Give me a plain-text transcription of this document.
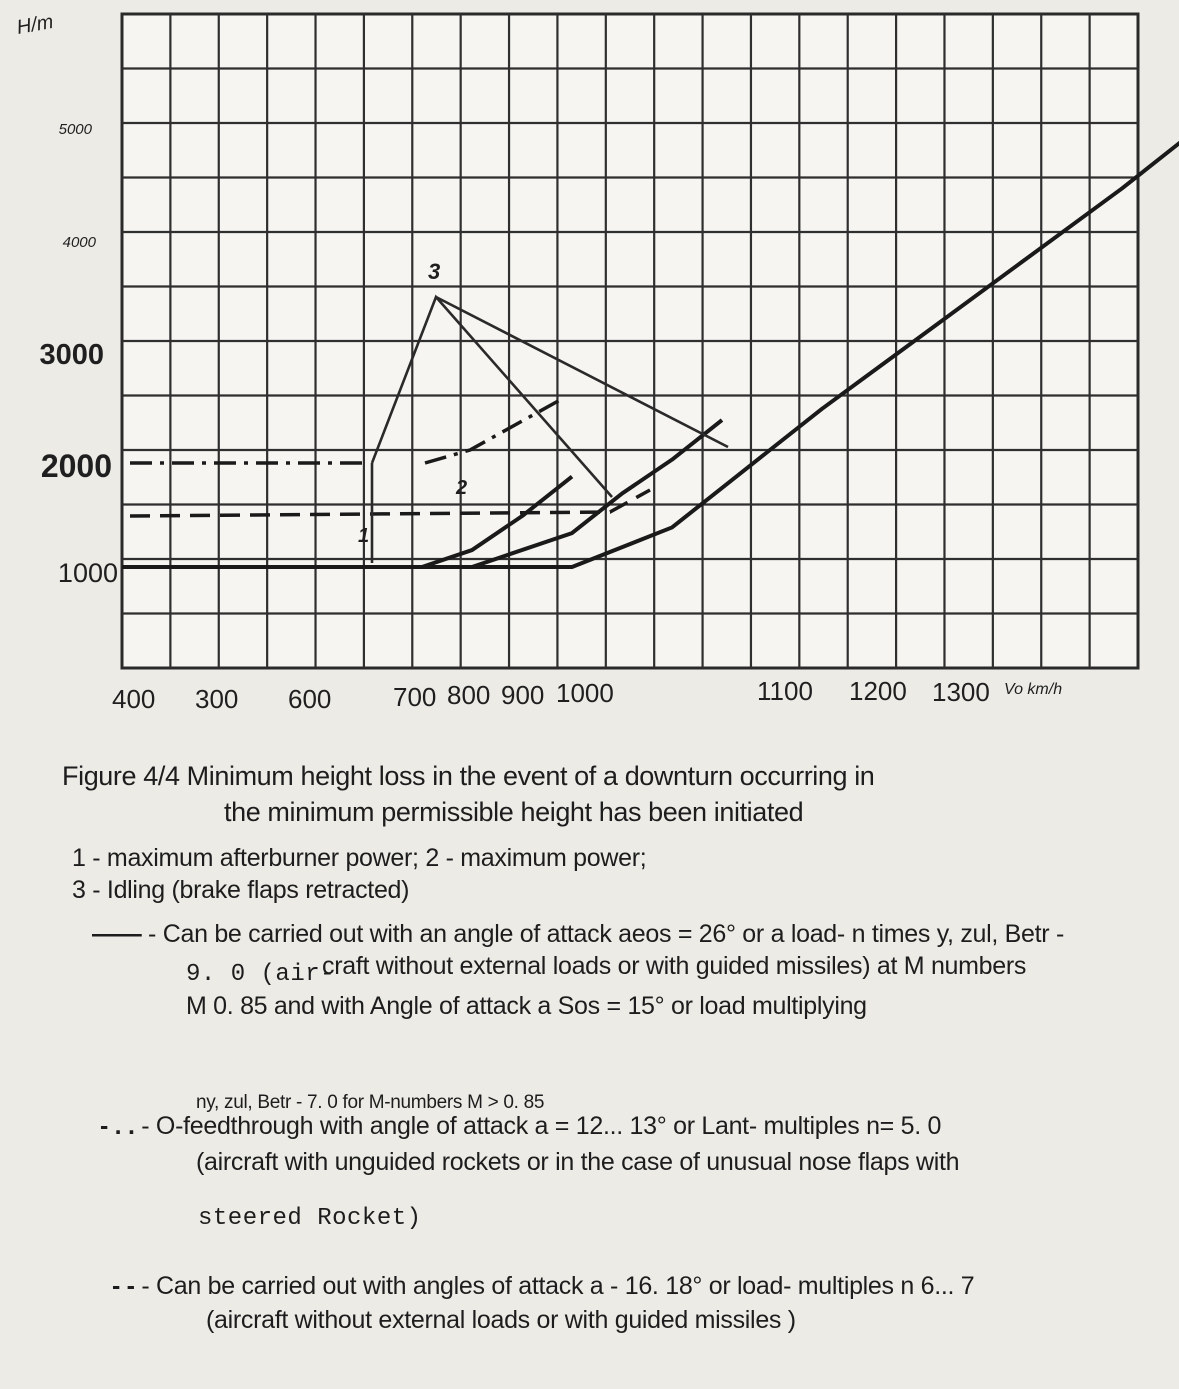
1000
2000
3000
4000
5000
H/m
400 300 600 700 800 900 1000	1100 1200 1300 Vo km/h
1
2
3
Figure 4/4 Minimum height loss in the event of a downturn occurring in
the minimum permissible height has been initiated
1 - maximum afterburner power; 2 - maximum power;
3 - Idling (brake flaps retracted)
—— - Can be carried out with an angle of attack aeos = 26° or a load- n times y, zul, Betr -
9. 0 (air-
craft without external loads or with guided missiles) at M numbers
M 0. 85 and with Angle of attack a Sos = 15° or load multiplying
ny, zul, Betr - 7. 0 for M-numbers M > 0. 85
- . . - O-feedthrough with angle of attack a = 12... 13° or Lant- multiples n= 5. 0
(aircraft with unguided rockets or in the case of unusual nose flaps with
steered Rocket)
- - - Can be carried out with angles of attack a - 16. 18° or load- multiples n 6... 7
(aircraft without external loads or with guided missiles )
